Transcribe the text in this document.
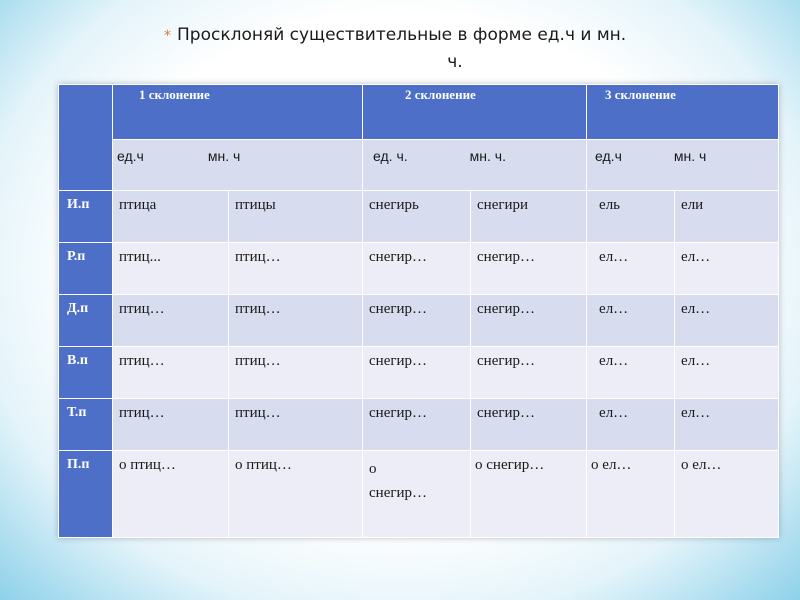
* Просклоняй существительные в форме ед.ч и мн.
ч.

	1 склонение		2 склонение		3 склонение	

	ед.ч мн. ч		ед. ч. мн. ч.		ед.ч мн. ч	

И.п	птица	птицы	снегирь	снегири	ель	ели
Р.п	птиц...	птиц…	снегир…	снегир…	ел…	ел…
Д.п	птиц…	птиц…	снегир…	снегир…	ел…	ел…
В.п	птиц…	птиц…	снегир…	снегир…	ел…	ел…
Т.п	птиц…	птиц…	снегир…	снегир…	ел…	ел…
П.п	о птиц…	о птиц…	о снегир…	о снегир…	о ел…	о ел…
